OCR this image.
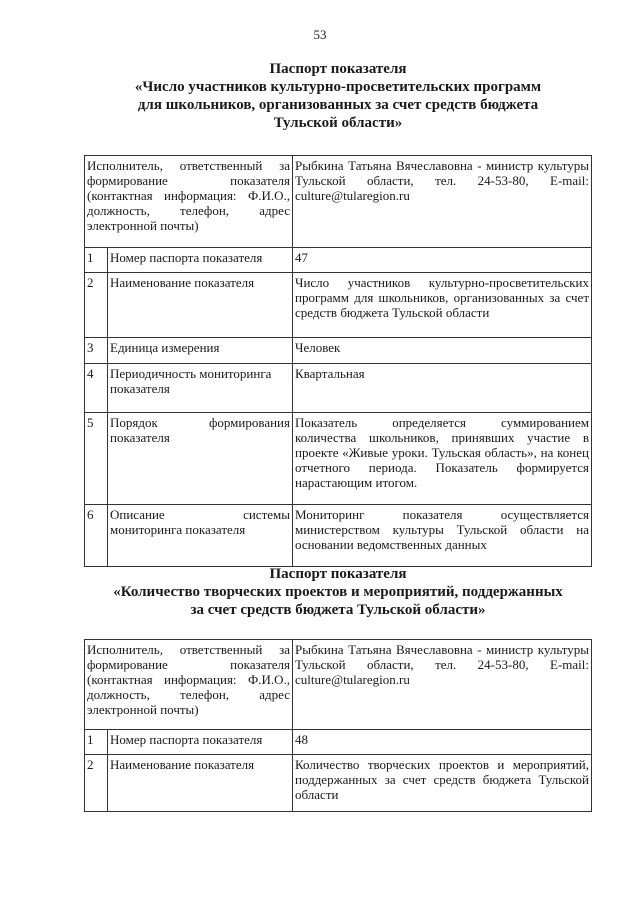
53
Паспорт показателя
«Число участников культурно-просветительских программ
для школьников, организованных за счет средств бюджета
Тульской области»
Исполнитель, ответственный за формирование показателя (контактная информация: Ф.И.О., должность, телефон, адрес электронной почты)		Рыбкина Татьяна Вячеславовна - министр культуры Тульской области, тел. 24-53-80, E-mail: culture@tularegion.ru
1	Номер паспорта показателя	47
2	Наименование показателя	Число участников культурно-просветительских программ для школьников, организованных за счет средств бюджета Тульской области
3	Единица измерения	Человек
4	Периодичность мониторинга показателя	Квартальная
5	Порядок формирования показателя	Показатель определяется суммированием количества школьников, принявших участие в проекте «Живые уроки. Тульская область», на конец отчетного периода. Показатель формируется нарастающим итогом.
6	Описание системы мониторинга показателя	Мониторинг показателя осуществляется министерством культуры Тульской области на основании ведомственных данных
Паспорт показателя
«Количество творческих проектов и мероприятий, поддержанных
за счет средств бюджета Тульской области»
Исполнитель, ответственный за формирование показателя (контактная информация: Ф.И.О., должность, телефон, адрес электронной почты)		Рыбкина Татьяна Вячеславовна - министр культуры Тульской области, тел. 24-53-80, E-mail: culture@tularegion.ru
1	Номер паспорта показателя	48
2	Наименование показателя	Количество творческих проектов и мероприятий, поддержанных за счет средств бюджета Тульской области
